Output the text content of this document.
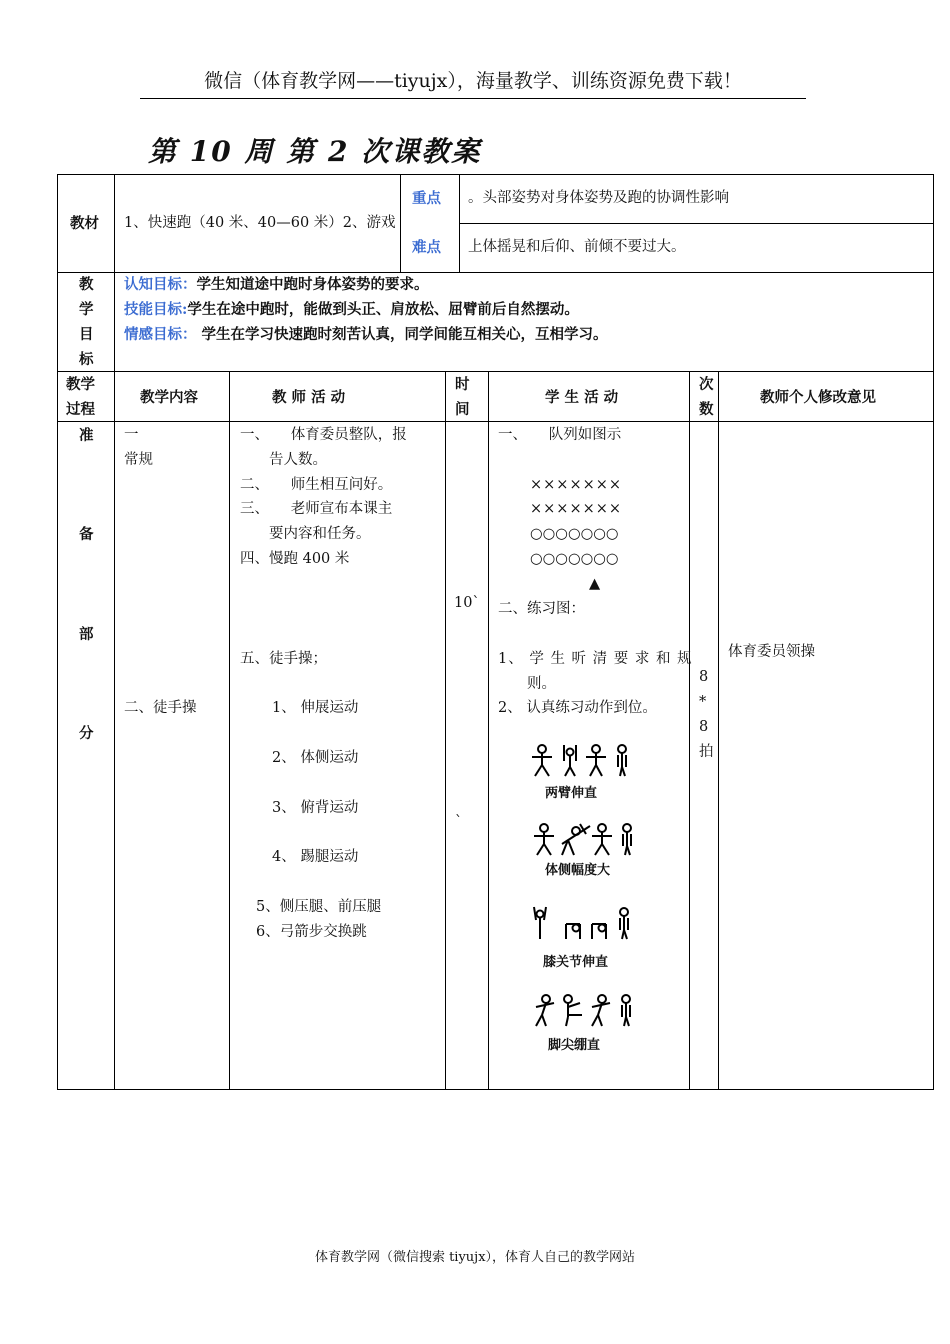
微信（体育教学网——tiyujx），海量教学、训练资源免费下载！
第 10 周 第 2 次课教案
教材 1、快速跑（40 米、40—60 米）2、游戏
重点 。头部姿势对身体姿势及跑的协调性影响
难点 上体摇晃和后仰、前倾不要过大。
教
学
目
标
认知目标：学生知道途中跑时身体姿势的要求。
技能目标:学生在途中跑时，能做到头正、肩放松、屈臂前后自然摆动。
情感目标： 学生在学习快速跑时刻苦认真，同学间能互相关心，互相学习。
教学
过程
教学内容	教 师 活 动
时
间
学 生 活 动
次
数
教师个人修改意见
准
备
部
分
一
常规
二、徒手操
一、　　体育委员整队，报
　　告人数。
二、　　师生相互问好。
三、　　老师宣布本课主
　　要内容和任务。
四、慢跑 400 米
五、徒手操；
1、 伸展运动
2、 体侧运动
3、 俯背运动
4、 踢腿运动
5、侧压腿、前压腿
6、弓箭步交换跳
10`
`
一、　　队列如图示
×××××××
×××××××
○○○○○○○
○○○○○○○
▲
二、练习图：
1、 学 生 听 清 要 求 和 规
则。
2、 认真练习动作到位。
两臂伸直
体侧幅度大
膝关节伸直
脚尖绷直
8
*
8
拍
体育委员领操
体育教学网（微信搜索 tiyujx），体育人自己的教学网站
